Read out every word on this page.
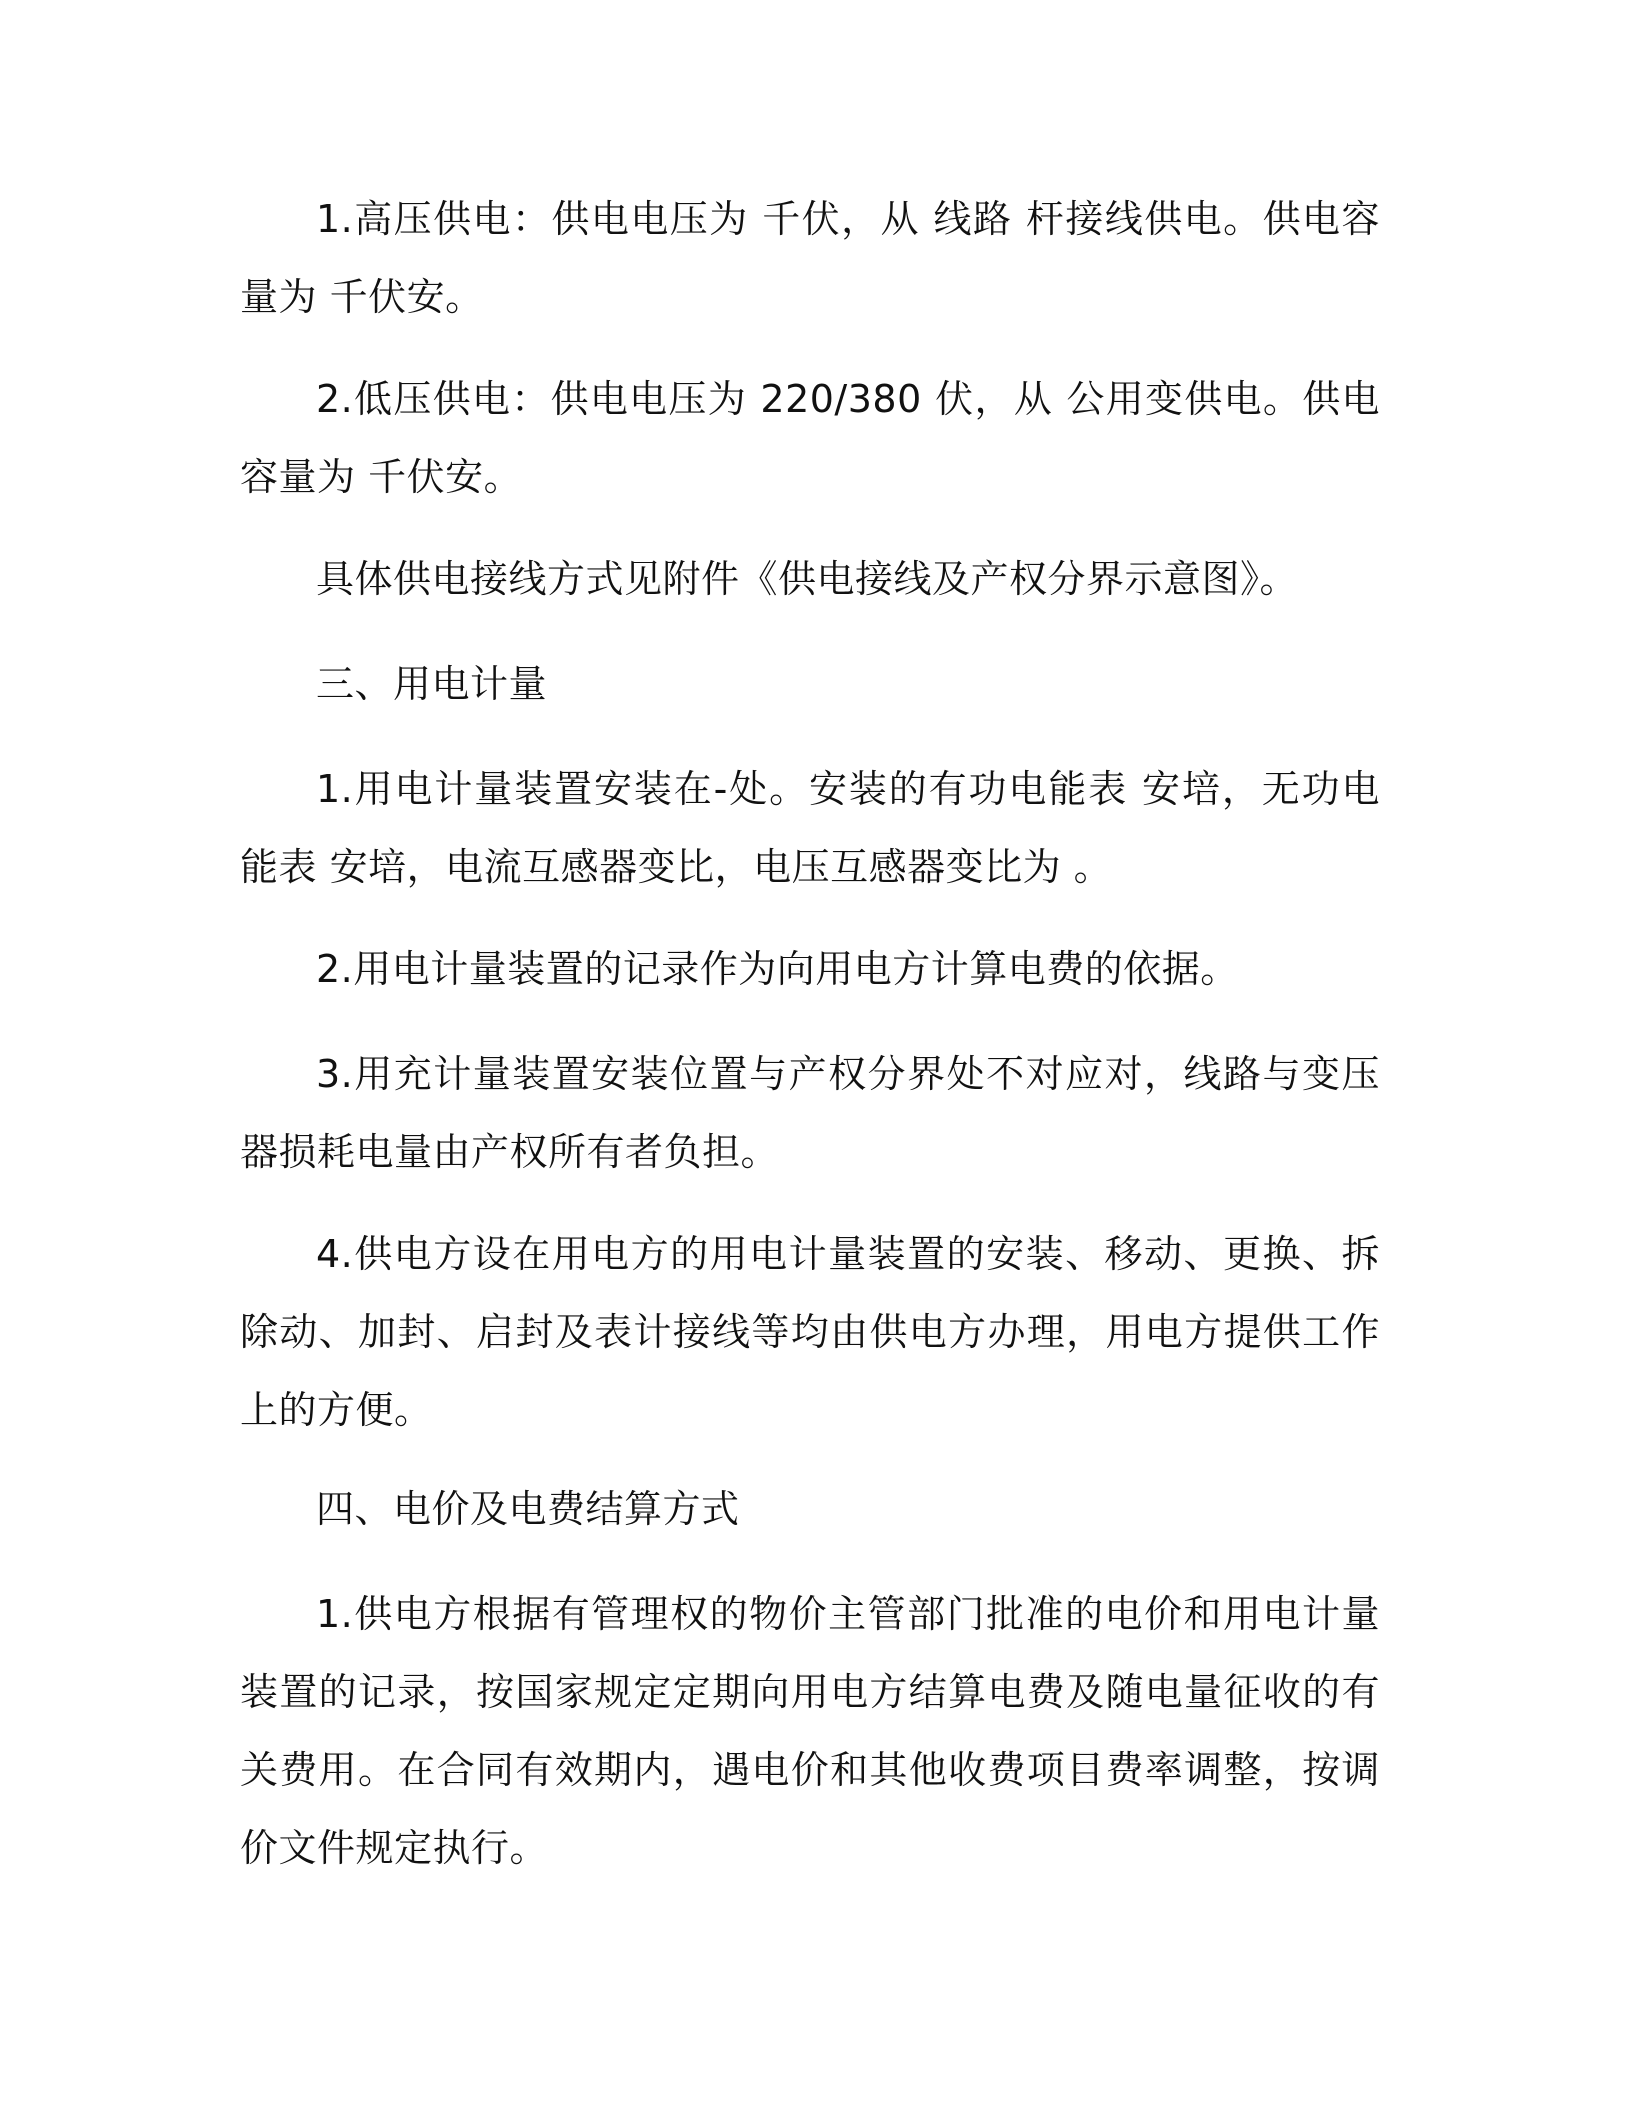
1.高压供电：供电电压为 千伏，从 线路 杆接线供电。供电容量为 千伏安。

2.低压供电：供电电压为 220/380 伏，从 公用变供电。供电容量为 千伏安。

具体供电接线方式见附件《供电接线及产权分界示意图》。

三、用电计量

1.用电计量装置安装在-处。安装的有功电能表 安培，无功电能表 安培，电流互感器变比，电压互感器变比为 。

2.用电计量装置的记录作为向用电方计算电费的依据。

3.用充计量装置安装位置与产权分界处不对应对，线路与变压器损耗电量由产权所有者负担。

4.供电方设在用电方的用电计量装置的安装、移动、更换、拆除动、加封、启封及表计接线等均由供电方办理，用电方提供工作上的方便。

四、电价及电费结算方式

1.供电方根据有管理权的物价主管部门批准的电价和用电计量装置的记录，按国家规定定期向用电方结算电费及随电量征收的有关费用。在合同有效期内，遇电价和其他收费项目费率调整，按调价文件规定执行。
